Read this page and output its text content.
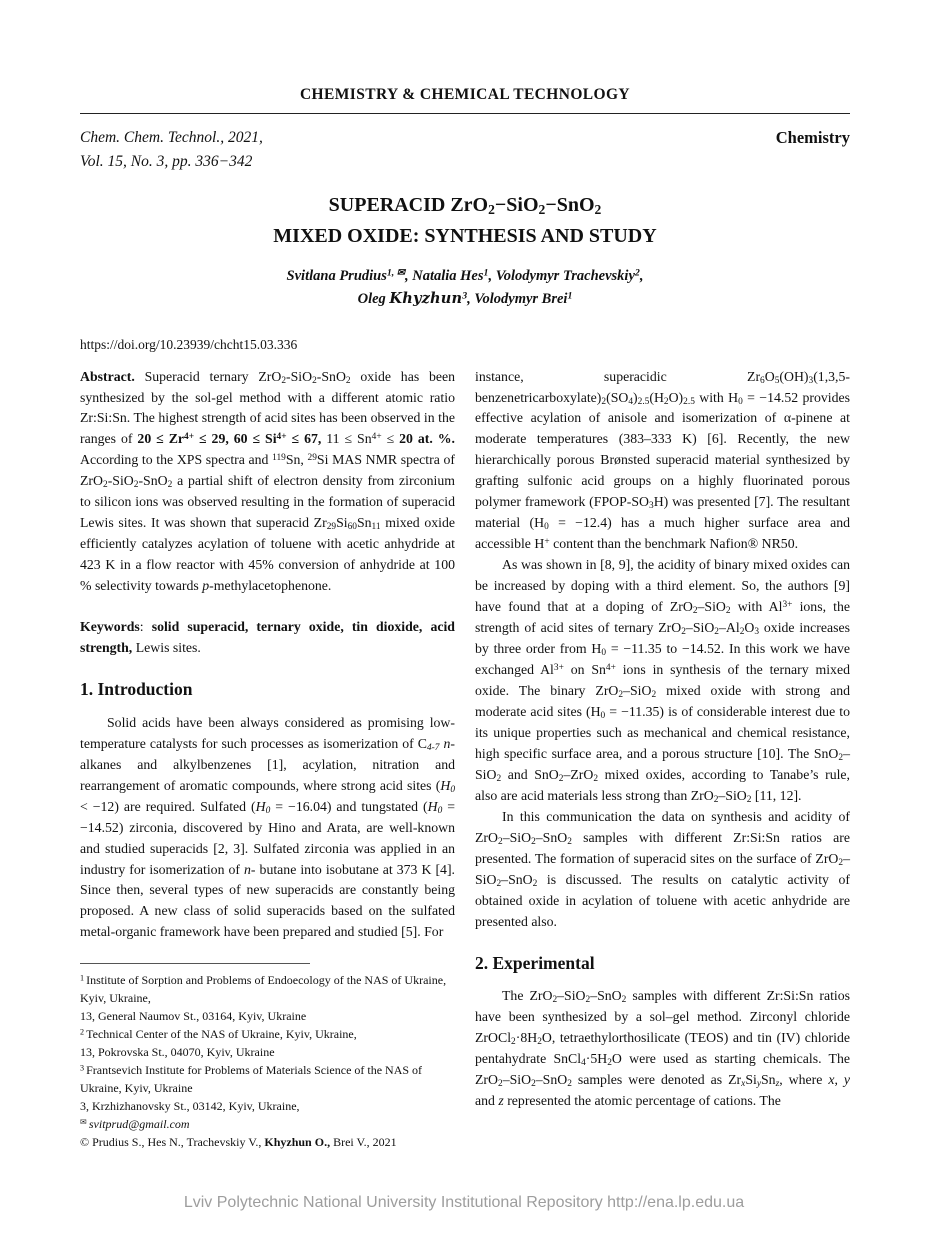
CHEMISTRY & CHEMICAL TECHNOLOGY
Chem. Chem. Technol., 2021,
Vol. 15, No. 3, pp. 336−342
Chemistry
SUPERACID ZrO$_2$−SiO$_2$−SnO$_2$
MIXED OXIDE: SYNTHESIS AND STUDY
Svitlana Prudius$^{1, ✉}$, Natalia Hes$^1$, Volodymyr Trachevskiy$^2$,
Oleg Khyzhun$^3$, Volodymyr Brei$^1$
https://doi.org/10.23939/chcht15.03.336

Abstract. Superacid ternary ZrO$_2$-SiO$_2$-SnO$_2$ oxide has been synthesized by the sol-gel method with a different atomic ratio Zr:Si:Sn. The highest strength of acid sites has been observed in the ranges of $20 \le Zr^{4+} \le 29$, $60 \le Si^{4+} \le 67$, $11 \le Sn^{4+} \le 20$ at. %. According to the XPS spectra and $^{119}$Sn, $^{29}$Si MAS NMR spectra of ZrO$_2$-SiO$_2$-SnO$_2$ a partial shift of electron density from zirconium to silicon ions was observed resulting in the formation of superacid Lewis sites. It was shown that superacid $Zr_{29}Si_{60}Sn_{11}$ mixed oxide efficiently catalyzes acylation of toluene with acetic anhydride at 423 K in a flow reactor with 45% conversion of anhydride at 100 % selectivity towards p-methylacetophenone.

Keywords: solid superacid, ternary oxide, tin dioxide, acid strength, Lewis sites.

1. Introduction

Solid acids have been always considered as promising low-temperature catalysts for such processes as isomerization of $C_{4-7}$ n-alkanes and alkylbenzenes [1], acylation, nitration and rearrangement of aromatic compounds, where strong acid sites $(H_0 < -12)$ are required. Sulfated $(H_0 = -16.04)$ and tungstated $(H_0 = -14.52)$ zirconia, discovered by Hino and Arata, are well-known and studied superacids [2, 3]. Sulfated zirconia was applied in an industry for isomerization of n- butane into isobutane at 373 K [4]. Since then, several types of new superacids are constantly being proposed. A new class of solid superacids based on the sulfated metal-organic framework have been prepared and studied [5]. For

$^1$ Institute of Sorption and Problems of Endoecology of the NAS of Ukraine, Kyiv, Ukraine,
13, General Naumov St., 03164, Kyiv, Ukraine
$^2$ Technical Center of the NAS of Ukraine, Kyiv, Ukraine,
13, Pokrovska St., 04070, Kyiv, Ukraine
$^3$ Frantsevich Institute for Problems of Materials Science of the NAS of Ukraine, Kyiv, Ukraine
3, Krzhizhanovsky St., 03142, Kyiv, Ukraine,
✉ svitprud@gmail.com
© Prudius S., Hes N., Trachevskiy V., Khyzhun O., Brei V., 2021

instance, superacidic $Zr_6O_5(OH)_3(1,3,5-benzenetricarboxylate)_2(SO_4)_{2.5}(H_2O)_{2.5}$ with $H_0 = -14.52$ provides effective acylation of anisole and isomerization of α-pinene at moderate temperatures (383–333 K) [6]. Recently, the new hierarchically porous Brønsted superacid material synthesized by grafting sulfonic acid groups on a highly fluorinated porous polymer framework $(FPOP-SO_3H)$ was presented [7]. The resultant material $(H_0 = -12.4)$ has a much higher surface area and accessible H+ content than the benchmark Nafion® NR50.

As was shown in [8, 9], the acidity of binary mixed oxides can be increased by doping with a third element. So, the authors [9] have found that at a doping of ZrO$_2$–SiO$_2$ with $Al^{3+}$ ions, the strength of acid sites of ternary $ZrO_2-SiO_2-Al_2O_3$ oxide increases by three order from $H_0 = -11.35$ to −14.52. In this work we have exchanged $Al^{3+}$ on $Sn^{4+}$ ions in synthesis of the ternary mixed oxide. The binary ZrO$_2$–SiO$_2$ mixed oxide with strong and moderate acid sites $(H_0 = -11.35)$ is of considerable interest due to its unique properties such as mechanical and chemical resistance, high specific surface area, and a porous structure [10]. The SnO$_2$–SiO$_2$ and SnO$_2$–ZrO$_2$ mixed oxides, according to Tanabe’s rule, also are acid materials less strong than ZrO$_2$–SiO$_2$ [11, 12].

In this communication the data on synthesis and acidity of ZrO$_2$–SiO$_2$–SnO$_2$ samples with different Zr:Si:Sn ratios are presented. The formation of superacid sites on the surface of ZrO$_2$–SiO$_2$–SnO$_2$ is discussed. The results on catalytic activity of obtained oxide in acylation of toluene with acetic anhydride are presented also.

2. Experimental

The ZrO$_2$–SiO$_2$–SnO$_2$ samples with different Zr:Si:Sn ratios have been synthesized by a sol–gel method. Zirconyl chloride $ZrOCl_2\cdot 8H_2O$, tetraethylorthosilicate (TEOS) and tin (IV) chloride pentahydrate $SnCl_4\cdot 5H_2O$ were used as starting chemicals. The ZrO$_2$–SiO$_2$–SnO$_2$ samples were denoted as $Zr_xSi_ySn_z$, where x, y and z represented the atomic percentage of cations. The

Lviv Polytechnic National University Institutional Repository http://ena.lp.edu.ua
